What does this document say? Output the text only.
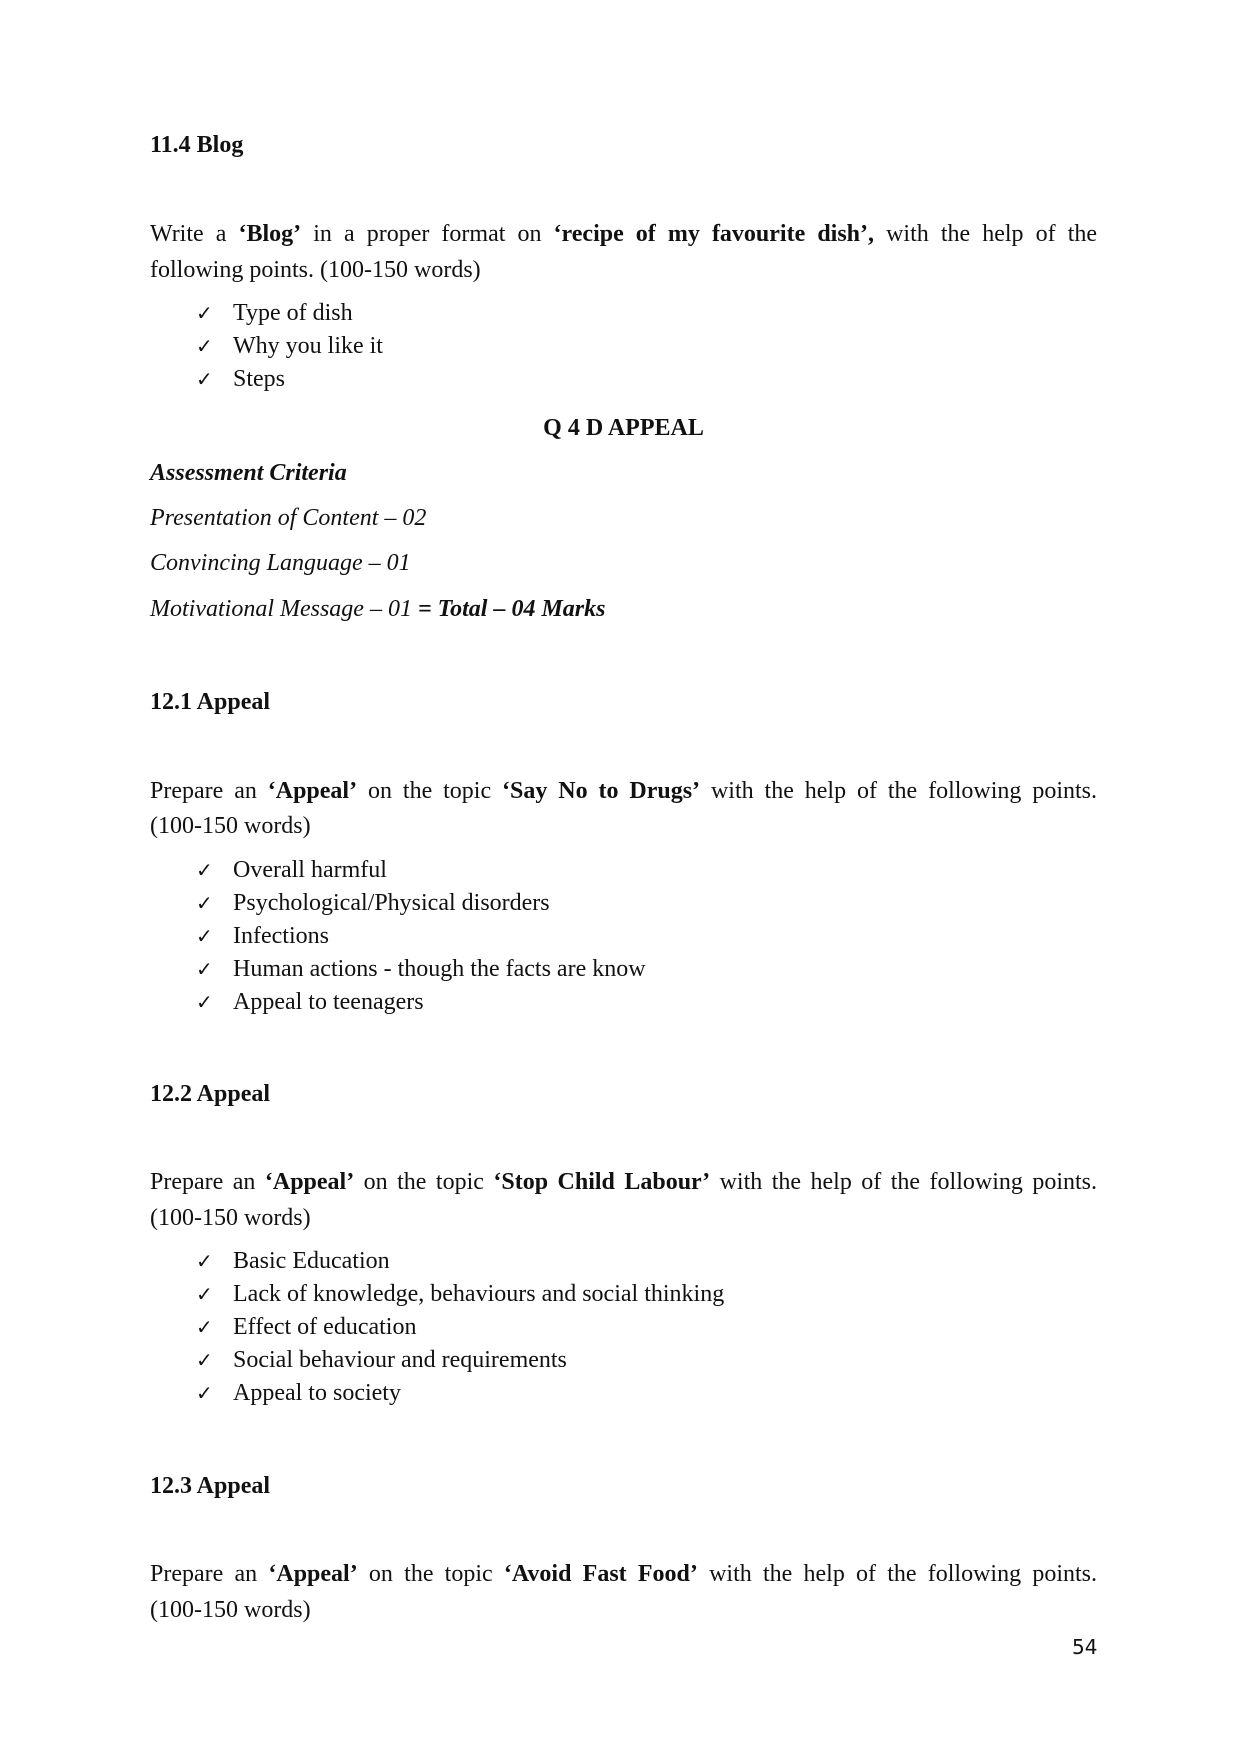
11.4 Blog
Write a ‘Blog’ in a proper format on ‘recipe of my favourite dish’, with the help of the
following points. (100-150 words)
✓ Type of dish
✓ Why you like it
✓ Steps
Q 4 D APPEAL
Assessment Criteria
Presentation of Content – 02
Convincing Language – 01
Motivational Message – 01 = Total – 04 Marks
12.1 Appeal
Prepare an ‘Appeal’ on the topic ‘Say No to Drugs’ with the help of the following points.
(100-150 words)
✓ Overall harmful
✓ Psychological/Physical disorders
✓ Infections
✓ Human actions - though the facts are know
✓ Appeal to teenagers
12.2 Appeal
Prepare an ‘Appeal’ on the topic ‘Stop Child Labour’ with the help of the following points.
(100-150 words)
✓ Basic Education
✓ Lack of knowledge, behaviours and social thinking
✓ Effect of education
✓ Social behaviour and requirements
✓ Appeal to society
12.3 Appeal
Prepare an ‘Appeal’ on the topic ‘Avoid Fast Food’ with the help of the following points.
(100-150 words)
54
